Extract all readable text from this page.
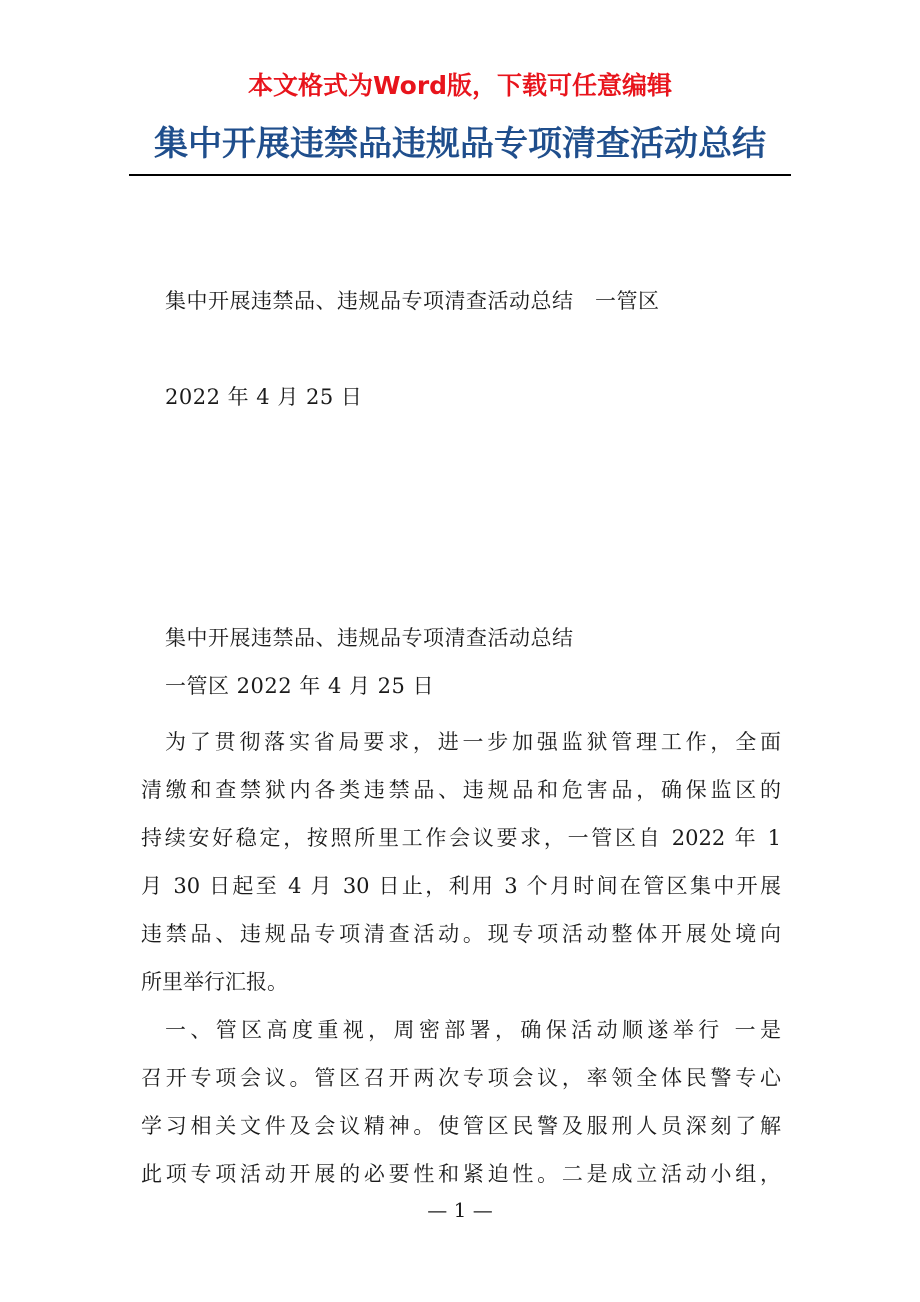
本文格式为Word版，下载可任意编辑
集中开展违禁品违规品专项清查活动总结
集中开展违禁品、违规品专项清查活动总结　一管区
2022 年 4 月 25 日
集中开展违禁品、违规品专项清查活动总结
一管区 2022 年 4 月 25 日
为了贯彻落实省局要求，进一步加强监狱管理工作，全面
清缴和查禁狱内各类违禁品、违规品和危害品，确保监区的
持续安好稳定，按照所里工作会议要求，一管区自 2022 年 1
月 30 日起至 4 月 30 日止，利用 3 个月时间在管区集中开展
违禁品、违规品专项清查活动。现专项活动整体开展处境向
所里举行汇报。
一、管区高度重视，周密部署，确保活动顺遂举行 一是
召开专项会议。管区召开两次专项会议，率领全体民警专心
学习相关文件及会议精神。使管区民警及服刑人员深刻了解
此项专项活动开展的必要性和紧迫性。二是成立活动小组，
— 1 —
